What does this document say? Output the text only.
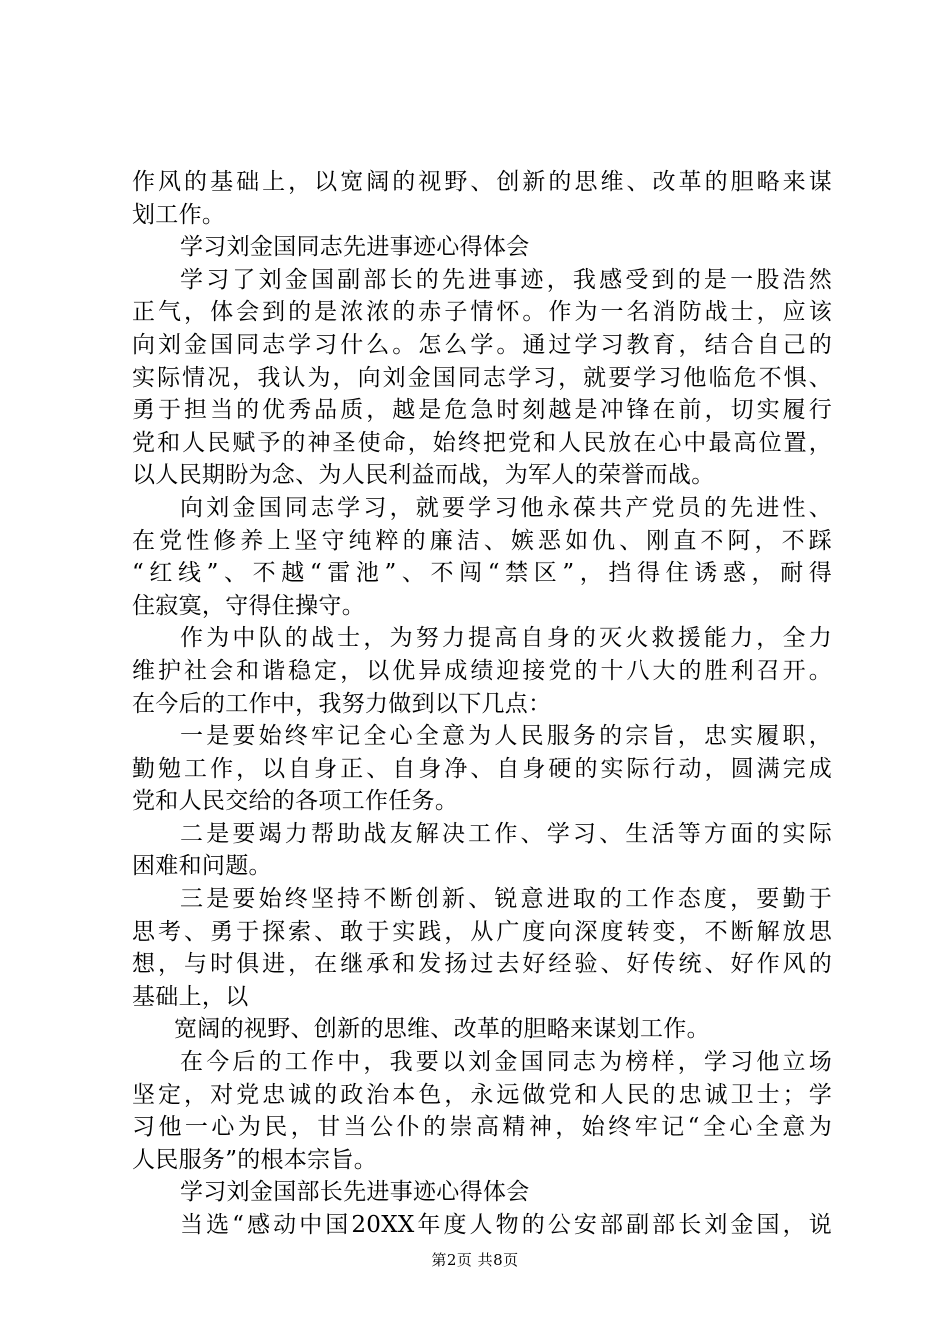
作风的基础上，以宽阔的视野、创新的思维、改革的胆略来谋
划工作。
学习刘金国同志先进事迹心得体会
学习了刘金国副部长的先进事迹，我感受到的是一股浩然
正气，体会到的是浓浓的赤子情怀。作为一名消防战士，应该
向刘金国同志学习什么。怎么学。通过学习教育，结合自己的
实际情况，我认为，向刘金国同志学习，就要学习他临危不惧、
勇于担当的优秀品质，越是危急时刻越是冲锋在前，切实履行
党和人民赋予的神圣使命，始终把党和人民放在心中最高位置，
以人民期盼为念、为人民利益而战，为军人的荣誉而战。
向刘金国同志学习，就要学习他永葆共产党员的先进性、
在党性修养上坚守纯粹的廉洁、嫉恶如仇、刚直不阿，不踩
“红线”、不越“雷池”、不闯“禁区”，挡得住诱惑，耐得
住寂寞，守得住操守。
作为中队的战士，为努力提高自身的灭火救援能力，全力
维护社会和谐稳定，以优异成绩迎接党的十八大的胜利召开。
在今后的工作中，我努力做到以下几点：
一是要始终牢记全心全意为人民服务的宗旨，忠实履职，
勤勉工作，以自身正、自身净、自身硬的实际行动，圆满完成
党和人民交给的各项工作任务。
二是要竭力帮助战友解决工作、学习、生活等方面的实际
困难和问题。
三是要始终坚持不断创新、锐意进取的工作态度，要勤于
思考、勇于探索、敢于实践，从广度向深度转变，不断解放思
想，与时俱进，在继承和发扬过去好经验、好传统、好作风的
基础上，以
宽阔的视野、创新的思维、改革的胆略来谋划工作。
在今后的工作中，我要以刘金国同志为榜样，学习他立场
坚定，对党忠诚的政治本色，永远做党和人民的忠诚卫士；学
习他一心为民，甘当公仆的崇高精神，始终牢记“全心全意为
人民服务”的根本宗旨。
学习刘金国部长先进事迹心得体会
当选“感动中国20XX年度人物的公安部副部长刘金国，说
第2页 共8页
